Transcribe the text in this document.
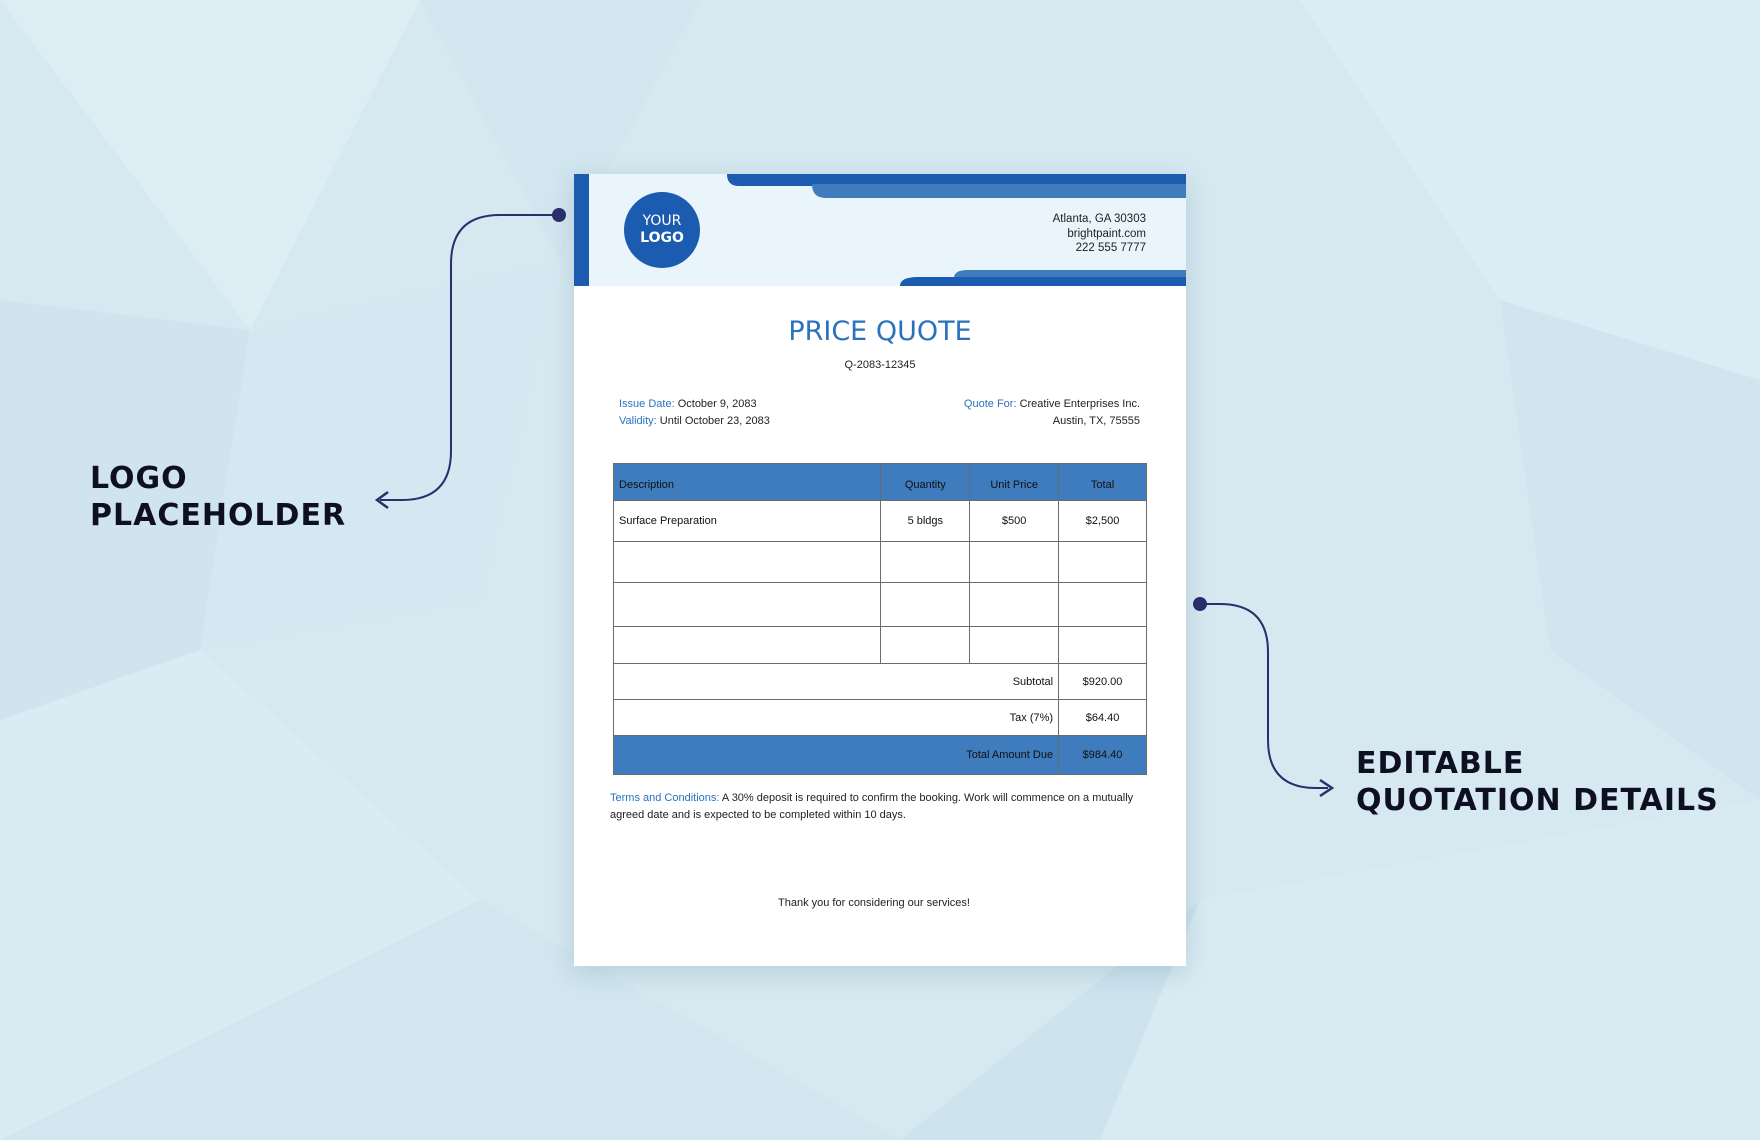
LOGO
PLACEHOLDER
EDITABLE
QUOTATION DETAILS
YOUR
LOGO
Atlanta, GA 30303
brightpaint.com
222 555 7777
PRICE QUOTE
Q-2083-12345
Issue Date: October 9, 2083
Validity: Until October 23, 2083
Quote For: Creative Enterprises Inc.
Austin, TX, 75555
Description	Quantity	Unit Price	Total
Surface Preparation	5 bldgs	$500	$2,500

Subtotal			$920.00
Tax (7%)			$64.40
Total Amount Due			$984.40
Terms and Conditions: A 30% deposit is required to confirm the booking. Work will commence on a mutually agreed date and is expected to be completed within 10 days.
Thank you for considering our services!
